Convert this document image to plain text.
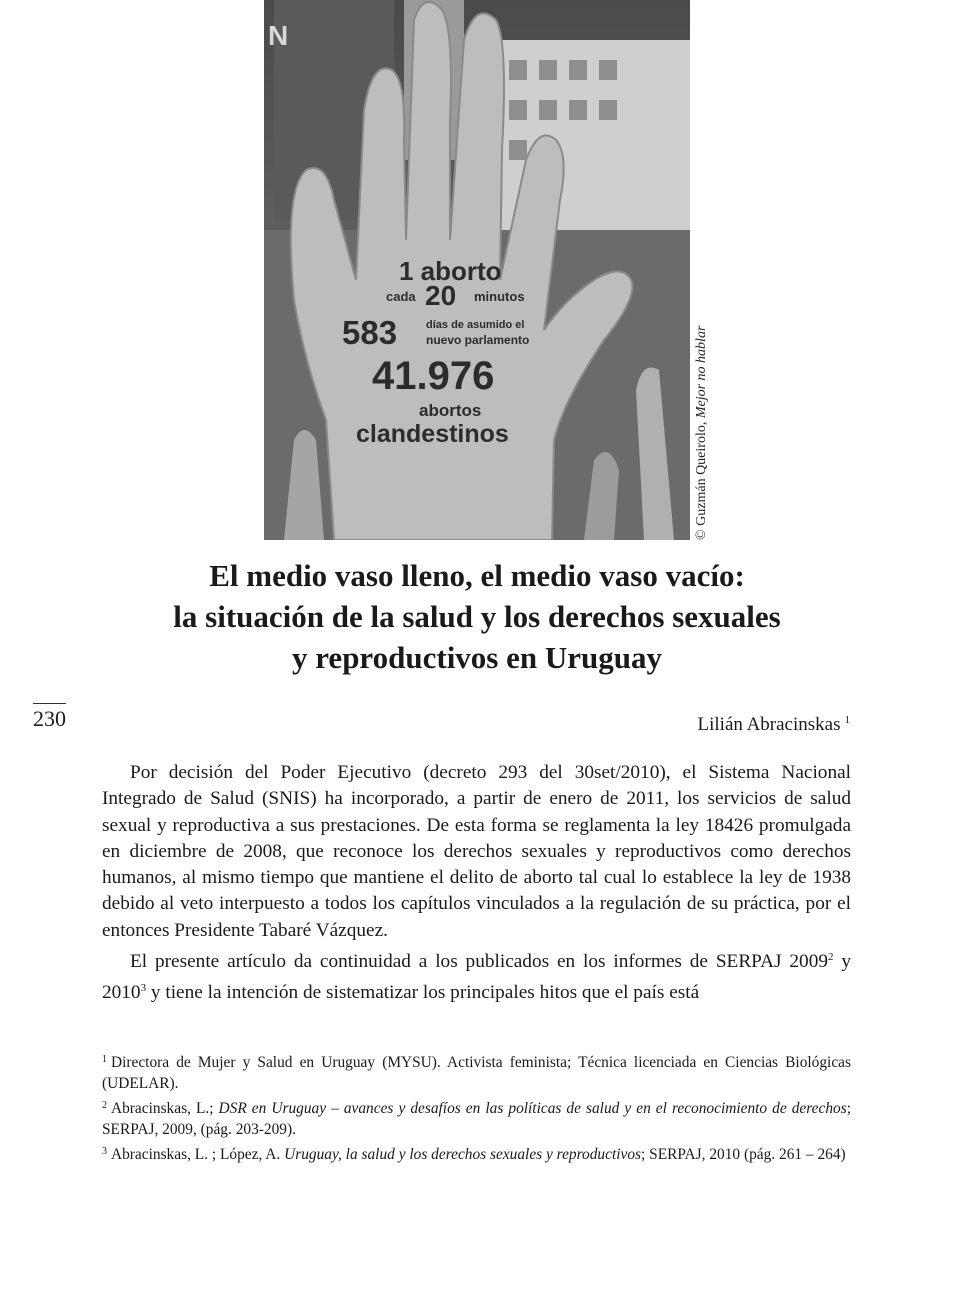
1 aborto
cada 20 minutos
583	días de asumido el
nuevo parlamento
41.976
abortos
clandestinos
N
© Guzmán Queirolo, Mejor no hablar
El medio vaso lleno, el medio vaso vacío:
la situación de la salud y los derechos sexuales
y reproductivos en Uruguay
230	Lilián Abracinskas $^1$

Por decisión del Poder Ejecutivo (decreto 293 del 30set/2010), el Sistema Nacional Integrado de Salud (SNIS) ha incorporado, a partir de enero de 2011, los servicios de salud sexual y reproductiva a sus prestaciones. De esta forma se reglamenta la ley 18426 promulgada en diciembre de 2008, que reconoce los derechos sexuales y reproductivos como derechos humanos, al mismo tiempo que mantiene el delito de aborto tal cual lo establece la ley de 1938 debido al veto interpuesto a todos los capítulos vinculados a la regulación de su práctica, por el entonces Presidente Tabaré Vázquez.

El presente artículo da continuidad a los publicados en los informes de SERPAJ 2009$^2$ y 2010$^3$ y tiene la intención de sistematizar los principales hitos que el país está

$^1$ Directora de Mujer y Salud en Uruguay (MYSU). Activista feminista; Técnica licenciada en Ciencias Biológicas (UDELAR).

$^2$ Abracinskas, L.; DSR en Uruguay – avances y desafíos en las políticas de salud y en el reconocimiento de derechos; SERPAJ, 2009, (pág. 203-209).

$^3$ Abracinskas, L. ; López, A. Uruguay, la salud y los derechos sexuales y reproductivos; SERPAJ, 2010 (pág. 261 – 264)
